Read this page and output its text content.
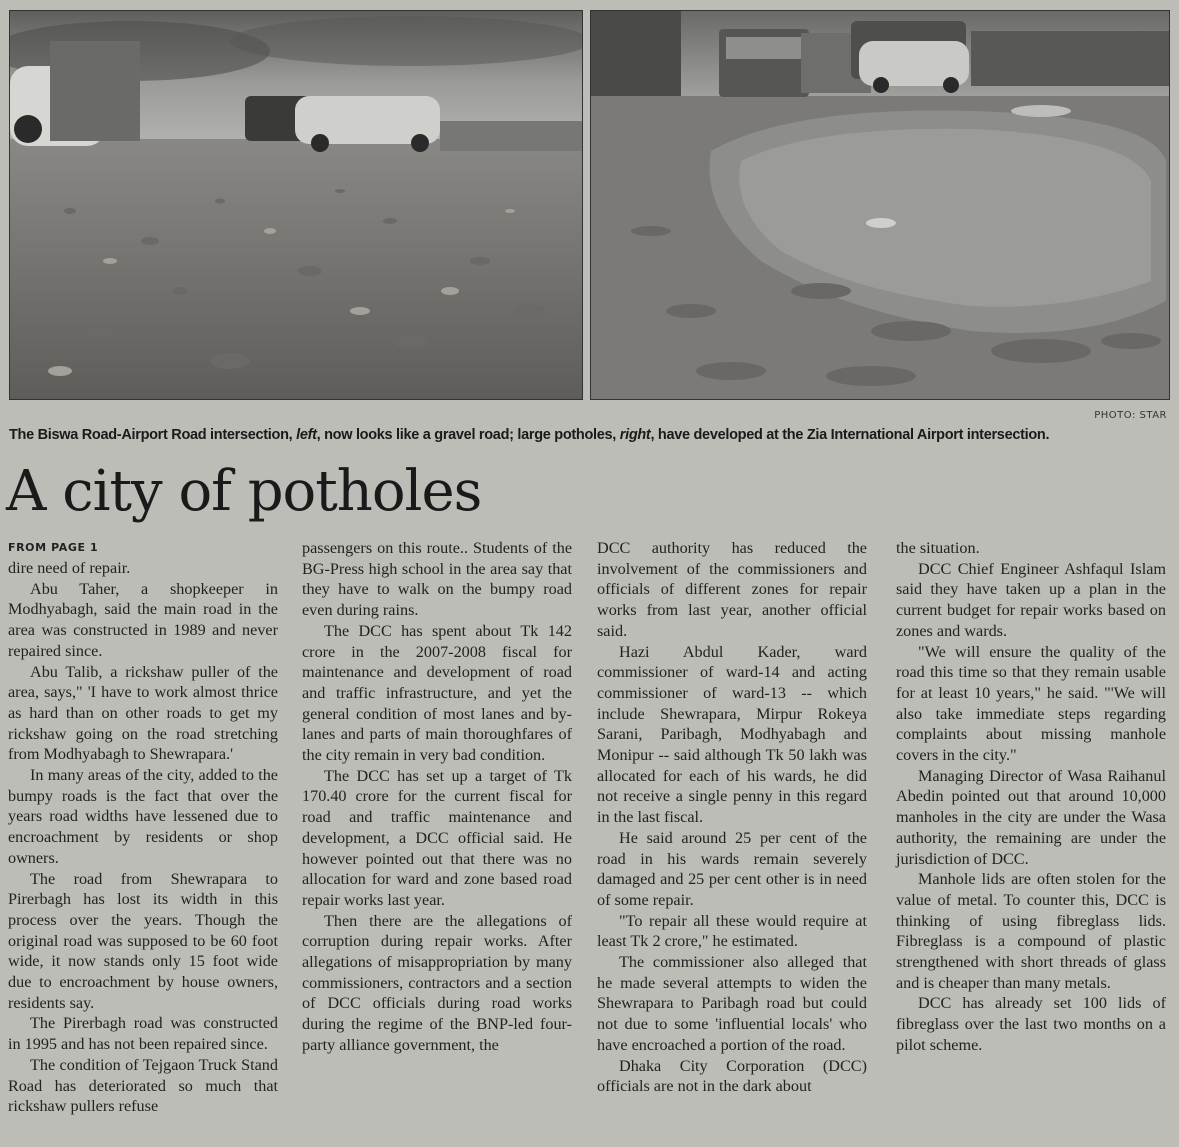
PHOTO: STAR
The Biswa Road-Airport Road intersection, left, now looks like a gravel road; large potholes, right, have developed at the Zia International Airport intersection.
A city of potholes
FROM PAGE 1

dire need of repair.

Abu Taher, a shopkeeper in Modhyabagh, said the main road in the area was constructed in 1989 and never repaired since.

Abu Talib, a rickshaw puller of the area, says," 'I have to work almost thrice as hard than on other roads to get my rickshaw going on the road stretching from Modhyabagh to Shewrapara.'

In many areas of the city, added to the bumpy roads is the fact that over the years road widths have lessened due to encroachment by residents or shop owners.

The road from Shewrapara to Pirerbagh has lost its width in this process over the years. Though the original road was supposed to be 60 foot wide, it now stands only 15 foot wide due to encroachment by house owners, residents say.

The Pirerbagh road was constructed in 1995 and has not been repaired since.

The condition of Tejgaon Truck Stand Road has deteriorated so much that rickshaw pullers refuse

passengers on this route.. Students of the BG-Press high school in the area say that they have to walk on the bumpy road even during rains.

The DCC has spent about Tk 142 crore in the 2007-2008 fiscal for maintenance and development of road and traffic infrastructure, and yet the general condition of most lanes and by-lanes and parts of main thoroughfares of the city remain in very bad condition.

The DCC has set up a target of Tk 170.40 crore for the current fiscal for road and traffic maintenance and development, a DCC official said. He however pointed out that there was no allocation for ward and zone based road repair works last year.

Then there are the allegations of corruption during repair works. After allegations of misappropriation by many commissioners, contractors and a section of DCC officials during road works during the regime of the BNP-led four-party alliance government, the

DCC authority has reduced the involvement of the commissioners and officials of different zones for repair works from last year, another official said.

Hazi Abdul Kader, ward commissioner of ward-14 and acting commissioner of ward-13 -- which include Shewrapara, Mirpur Rokeya Sarani, Paribagh, Modhyabagh and Monipur -- said although Tk 50 lakh was allocated for each of his wards, he did not receive a single penny in this regard in the last fiscal.

He said around 25 per cent of the road in his wards remain severely damaged and 25 per cent other is in need of some repair.

"To repair all these would require at least Tk 2 crore," he estimated.

The commissioner also alleged that he made several attempts to widen the Shewrapara to Paribagh road but could not due to some 'influential locals' who have encroached a portion of the road.

Dhaka City Corporation (DCC) officials are not in the dark about

the situation.

DCC Chief Engineer Ashfaqul Islam said they have taken up a plan in the current budget for repair works based on zones and wards.

"We will ensure the quality of the road this time so that they remain usable for at least 10 years," he said. "'We will also take immediate steps regarding complaints about missing manhole covers in the city."

Managing Director of Wasa Raihanul Abedin pointed out that around 10,000 manholes in the city are under the Wasa authority, the remaining are under the jurisdiction of DCC.

Manhole lids are often stolen for the value of metal. To counter this, DCC is thinking of using fibreglass lids. Fibreglass is a compound of plastic strengthened with short threads of glass and is cheaper than many metals.

DCC has already set 100 lids of fibreglass over the last two months on a pilot scheme.
